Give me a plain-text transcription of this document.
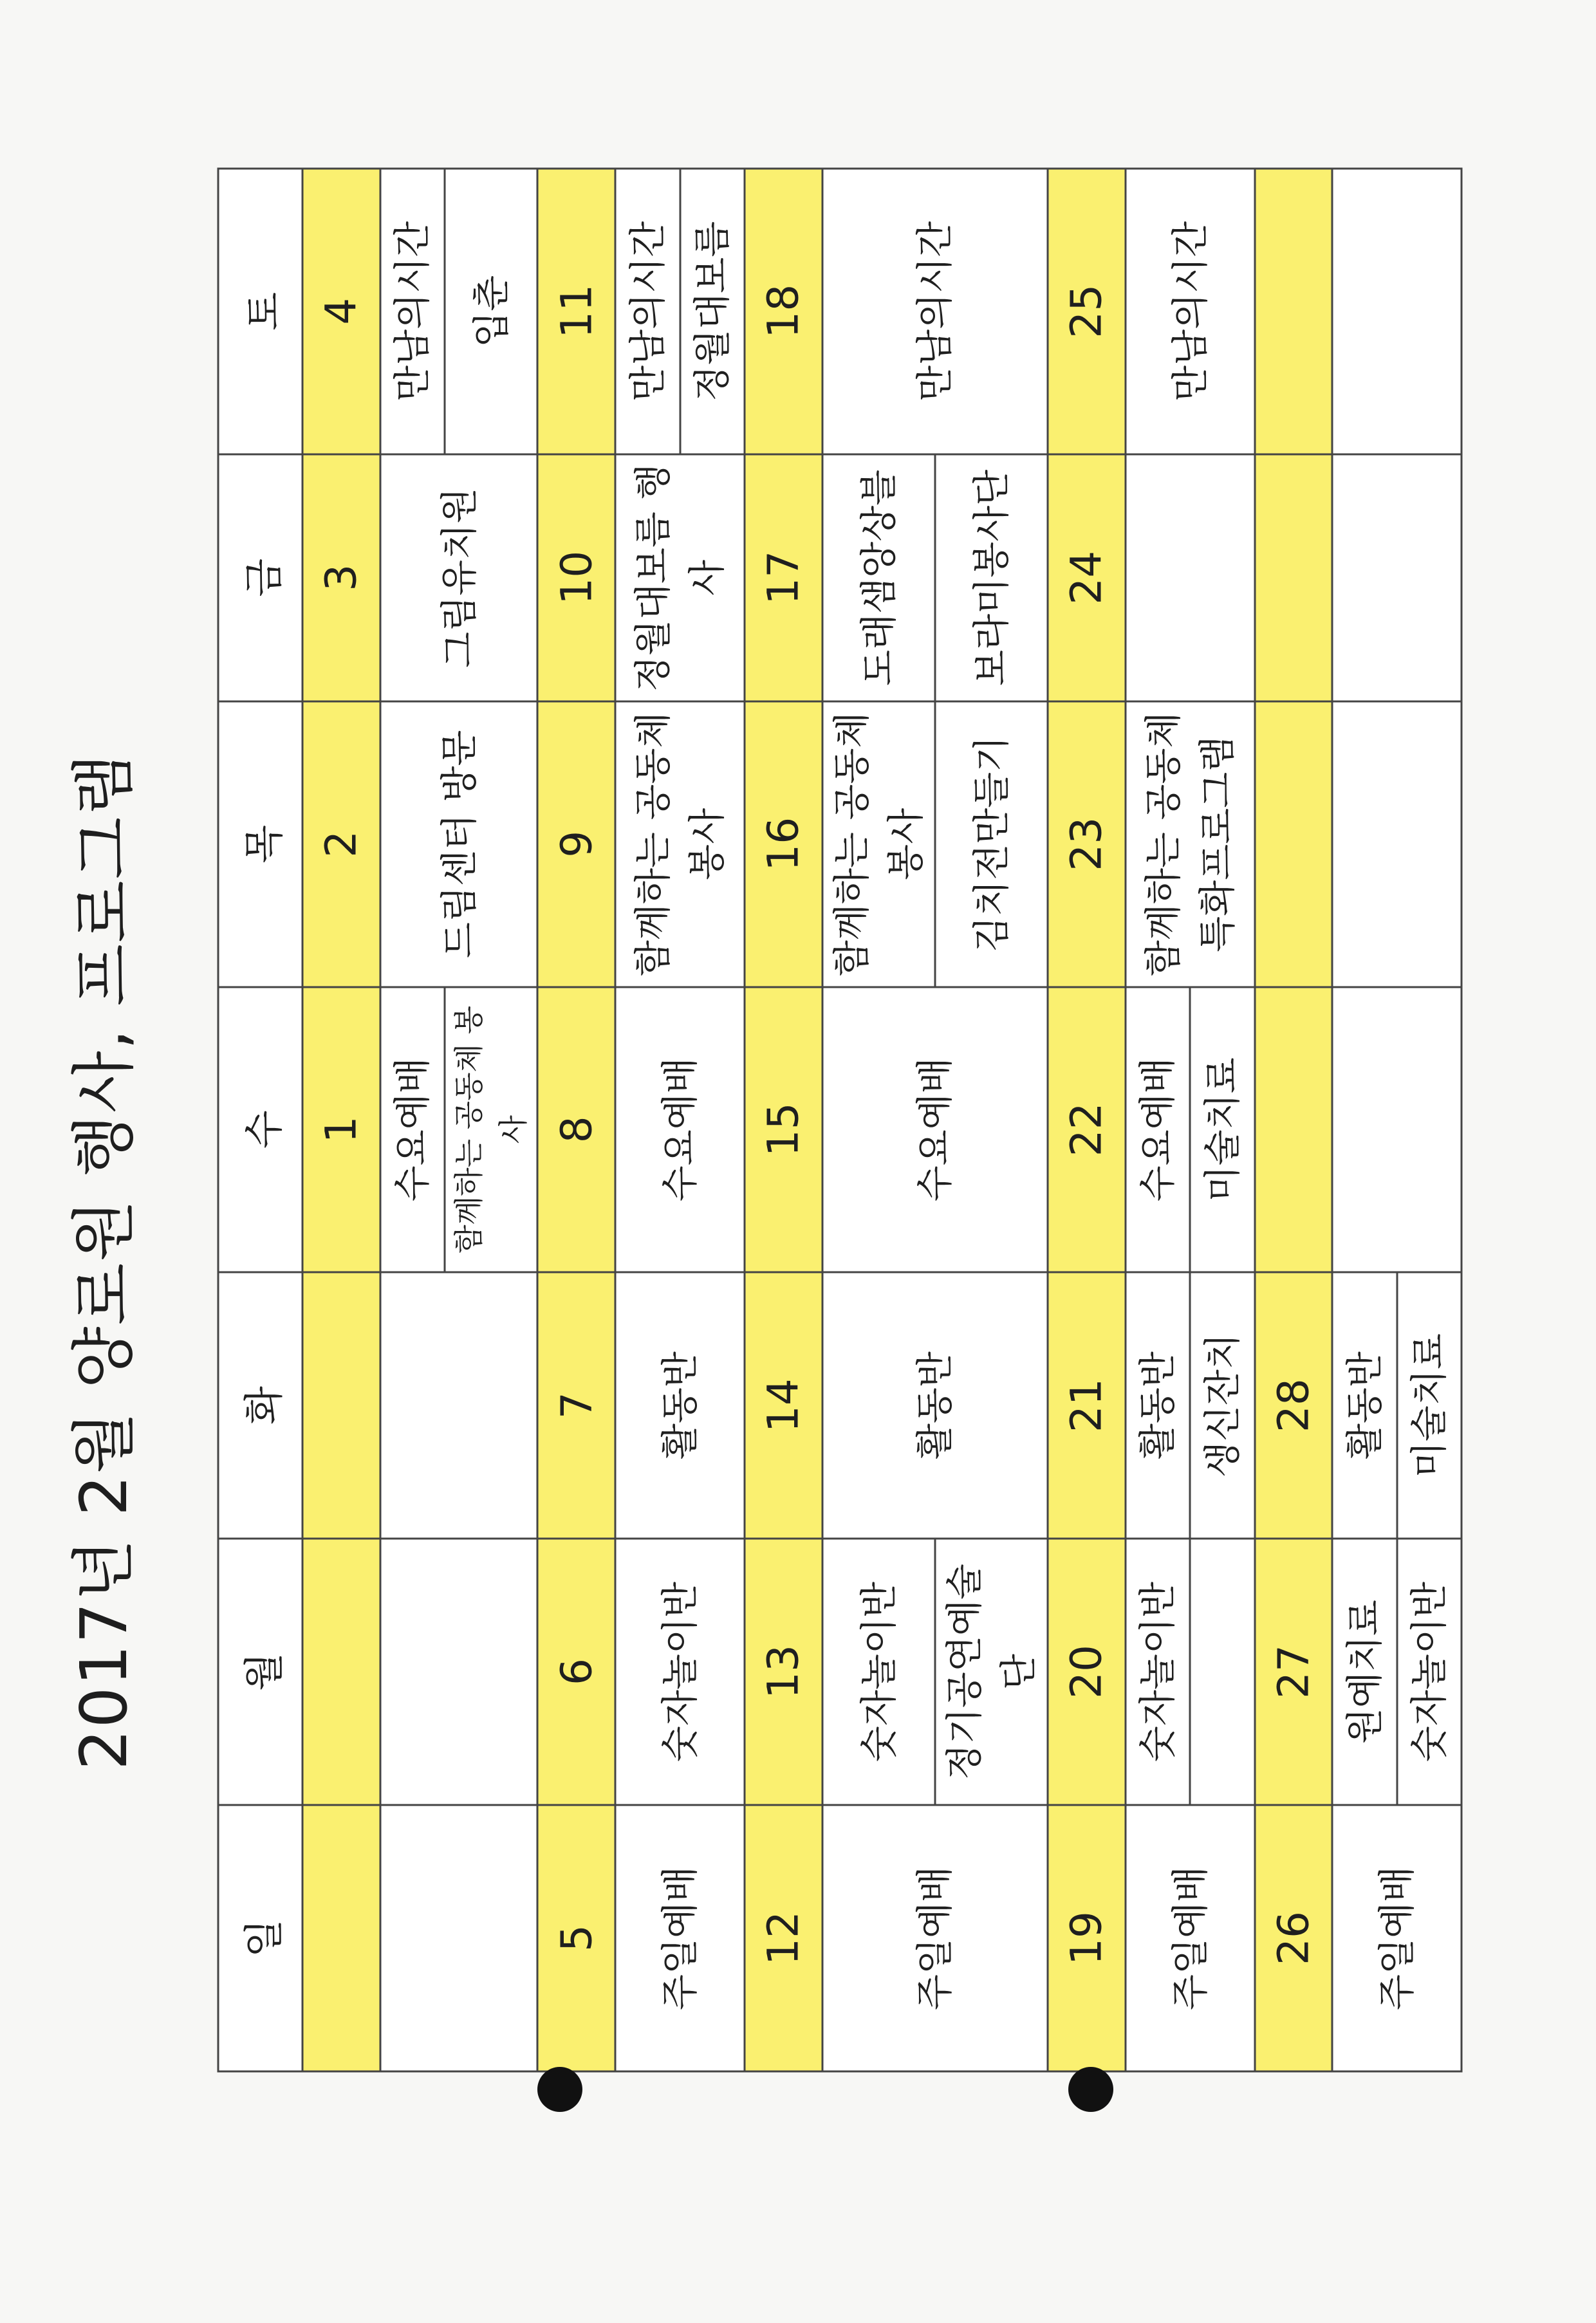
2017년 2월 양로원 행사, 프로그램
일	월	화	수	목	금	토
			1	2	3	4
			수요예배	드림센터 방문	그림유치원	만남의시간
			함께하는 공동체 봉사			입춘
5	6	7	8	9	10	11
주일예배	숫자놀이반	활동반	수요예배	함께하는 공동체 봉사	정월대보름 행사	만남의시간
						정월대보름
12	13	14	15	16	17	18
주일예배	숫자놀이반	활동반	수요예배	함께하는 공동체 봉사	도래샘앙상블	만남의시간
	정기공연예술단			김치전만들기	보라미봉사단	
19	20	21	22	23	24	25
주일예배	숫자놀이반	활동반	수요예배	함께하는 공동체 특화프로그램		만남의시간
		생신잔치	미술치료			
26	27	28				
주일예배	원예치료	활동반				
	숫자놀이반	미술치료				
